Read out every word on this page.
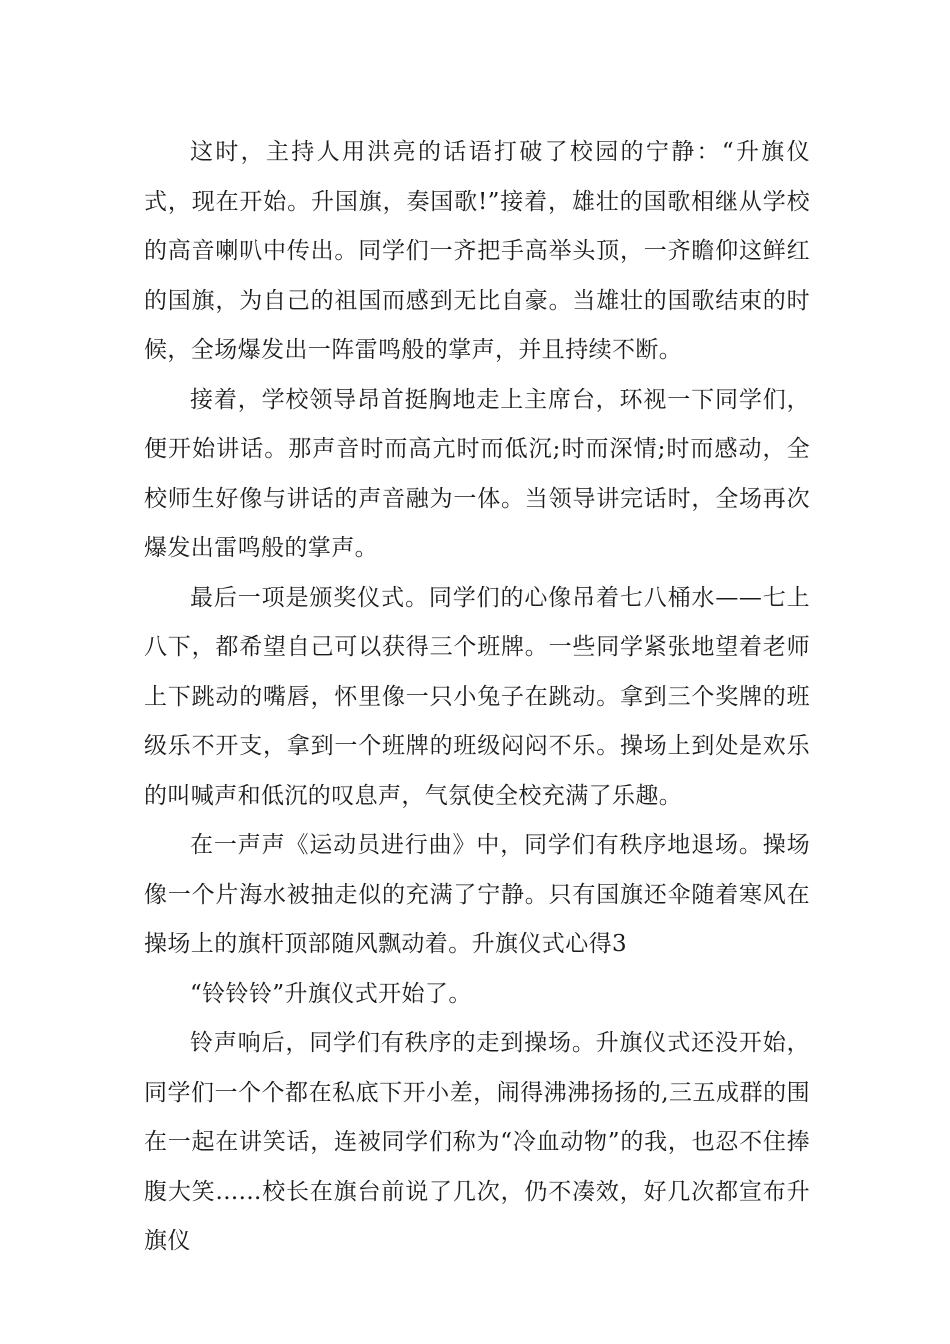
这时，主持人用洪亮的话语打破了校园的宁静：“升旗仪式，现在开始。升国旗，奏国歌!”接着，雄壮的国歌相继从学校的高音喇叭中传出。同学们一齐把手高举头顶，一齐瞻仰这鲜红的国旗，为自己的祖国而感到无比自豪。当雄壮的国歌结束的时候，全场爆发出一阵雷鸣般的掌声，并且持续不断。

接着，学校领导昂首挺胸地走上主席台，环视一下同学们，便开始讲话。那声音时而高亢时而低沉;时而深情;时而感动，全校师生好像与讲话的声音融为一体。当领导讲完话时，全场再次爆发出雷鸣般的掌声。

最后一项是颁奖仪式。同学们的心像吊着七八桶水——七上八下，都希望自己可以获得三个班牌。一些同学紧张地望着老师上下跳动的嘴唇，怀里像一只小兔子在跳动。拿到三个奖牌的班级乐不开支，拿到一个班牌的班级闷闷不乐。操场上到处是欢乐的叫喊声和低沉的叹息声，气氛使全校充满了乐趣。

在一声声《运动员进行曲》中，同学们有秩序地退场。操场像一个片海水被抽走似的充满了宁静。只有国旗还伞随着寒风在操场上的旗杆顶部随风飘动着。升旗仪式心得3

“铃铃铃”升旗仪式开始了。

铃声响后，同学们有秩序的走到操场。升旗仪式还没开始，同学们一个个都在私底下开小差，闹得沸沸扬扬的,三五成群的围在一起在讲笑话，连被同学们称为“冷血动物”的我，也忍不住捧腹大笑......校长在旗台前说了几次，仍不凑效，好几次都宣布升旗仪
